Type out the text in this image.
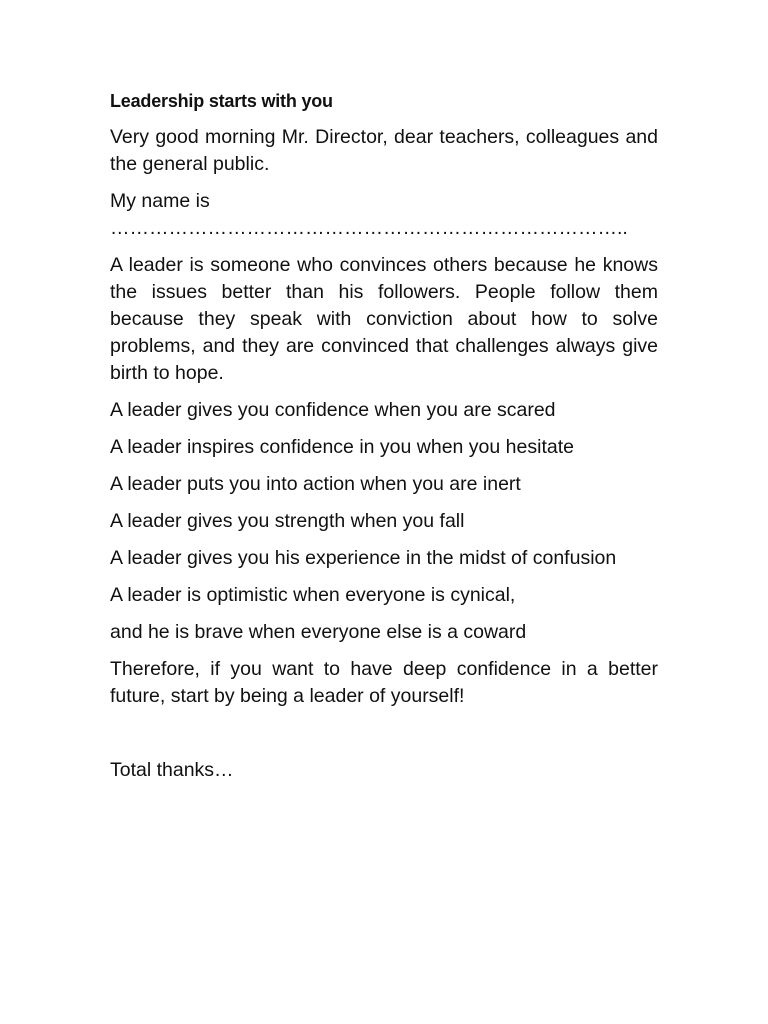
Leadership starts with you
Very good morning Mr. Director, dear teachers, colleagues and the general public.
My name is
……………………………………………………………………..
A leader is someone who convinces others because he knows the issues better than his followers. People follow them because they speak with conviction about how to solve problems, and they are convinced that challenges always give birth to hope.
A leader gives you confidence when you are scared
A leader inspires confidence in you when you hesitate
A leader puts you into action when you are inert
A leader gives you strength when you fall
A leader gives you his experience in the midst of confusion
A leader is optimistic when everyone is cynical,
and he is brave when everyone else is a coward
Therefore, if you want to have deep confidence in a better future, start by being a leader of yourself!
Total thanks…
